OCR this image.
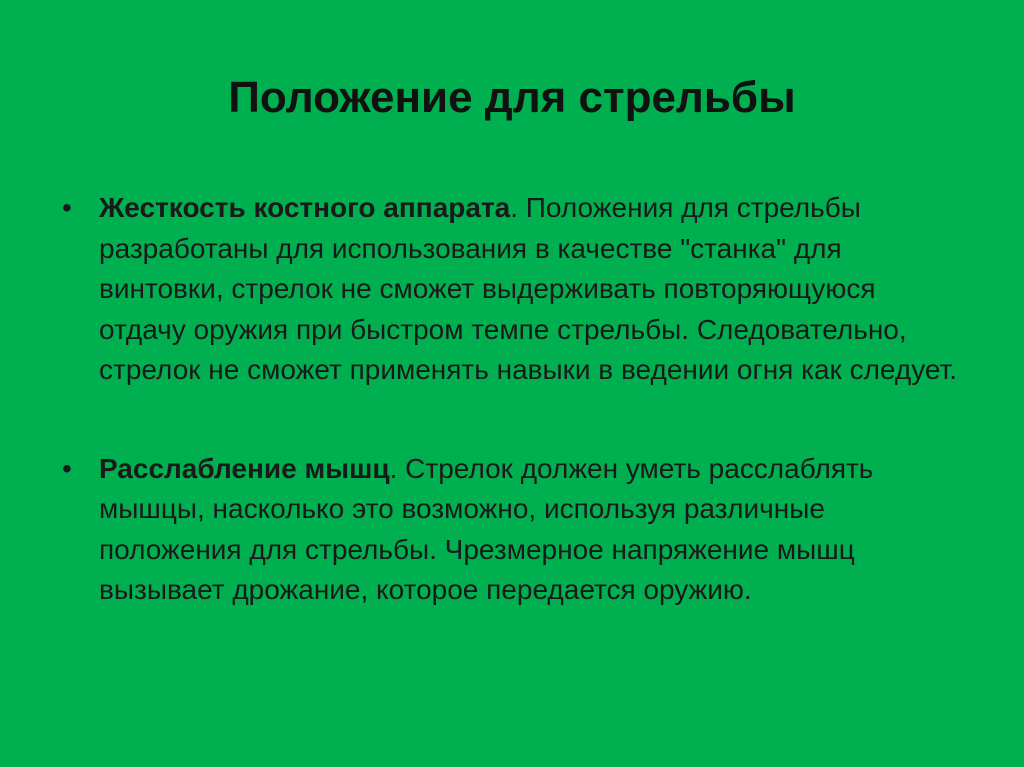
Положение для стрельбы
• Жесткость костного аппарата. Положения для стрельбы разработаны для использования в качестве "станка" для винтовки, стрелок не сможет выдерживать повторяющуюся отдачу оружия при быстром темпе стрельбы. Следовательно, стрелок не сможет применять навыки в ведении огня как следует.
• Расслабление мышц. Стрелок должен уметь расслаблять мышцы, насколько это возможно, используя различные положения для стрельбы. Чрезмерное напряжение мышц вызывает дрожание, которое передается оружию.
